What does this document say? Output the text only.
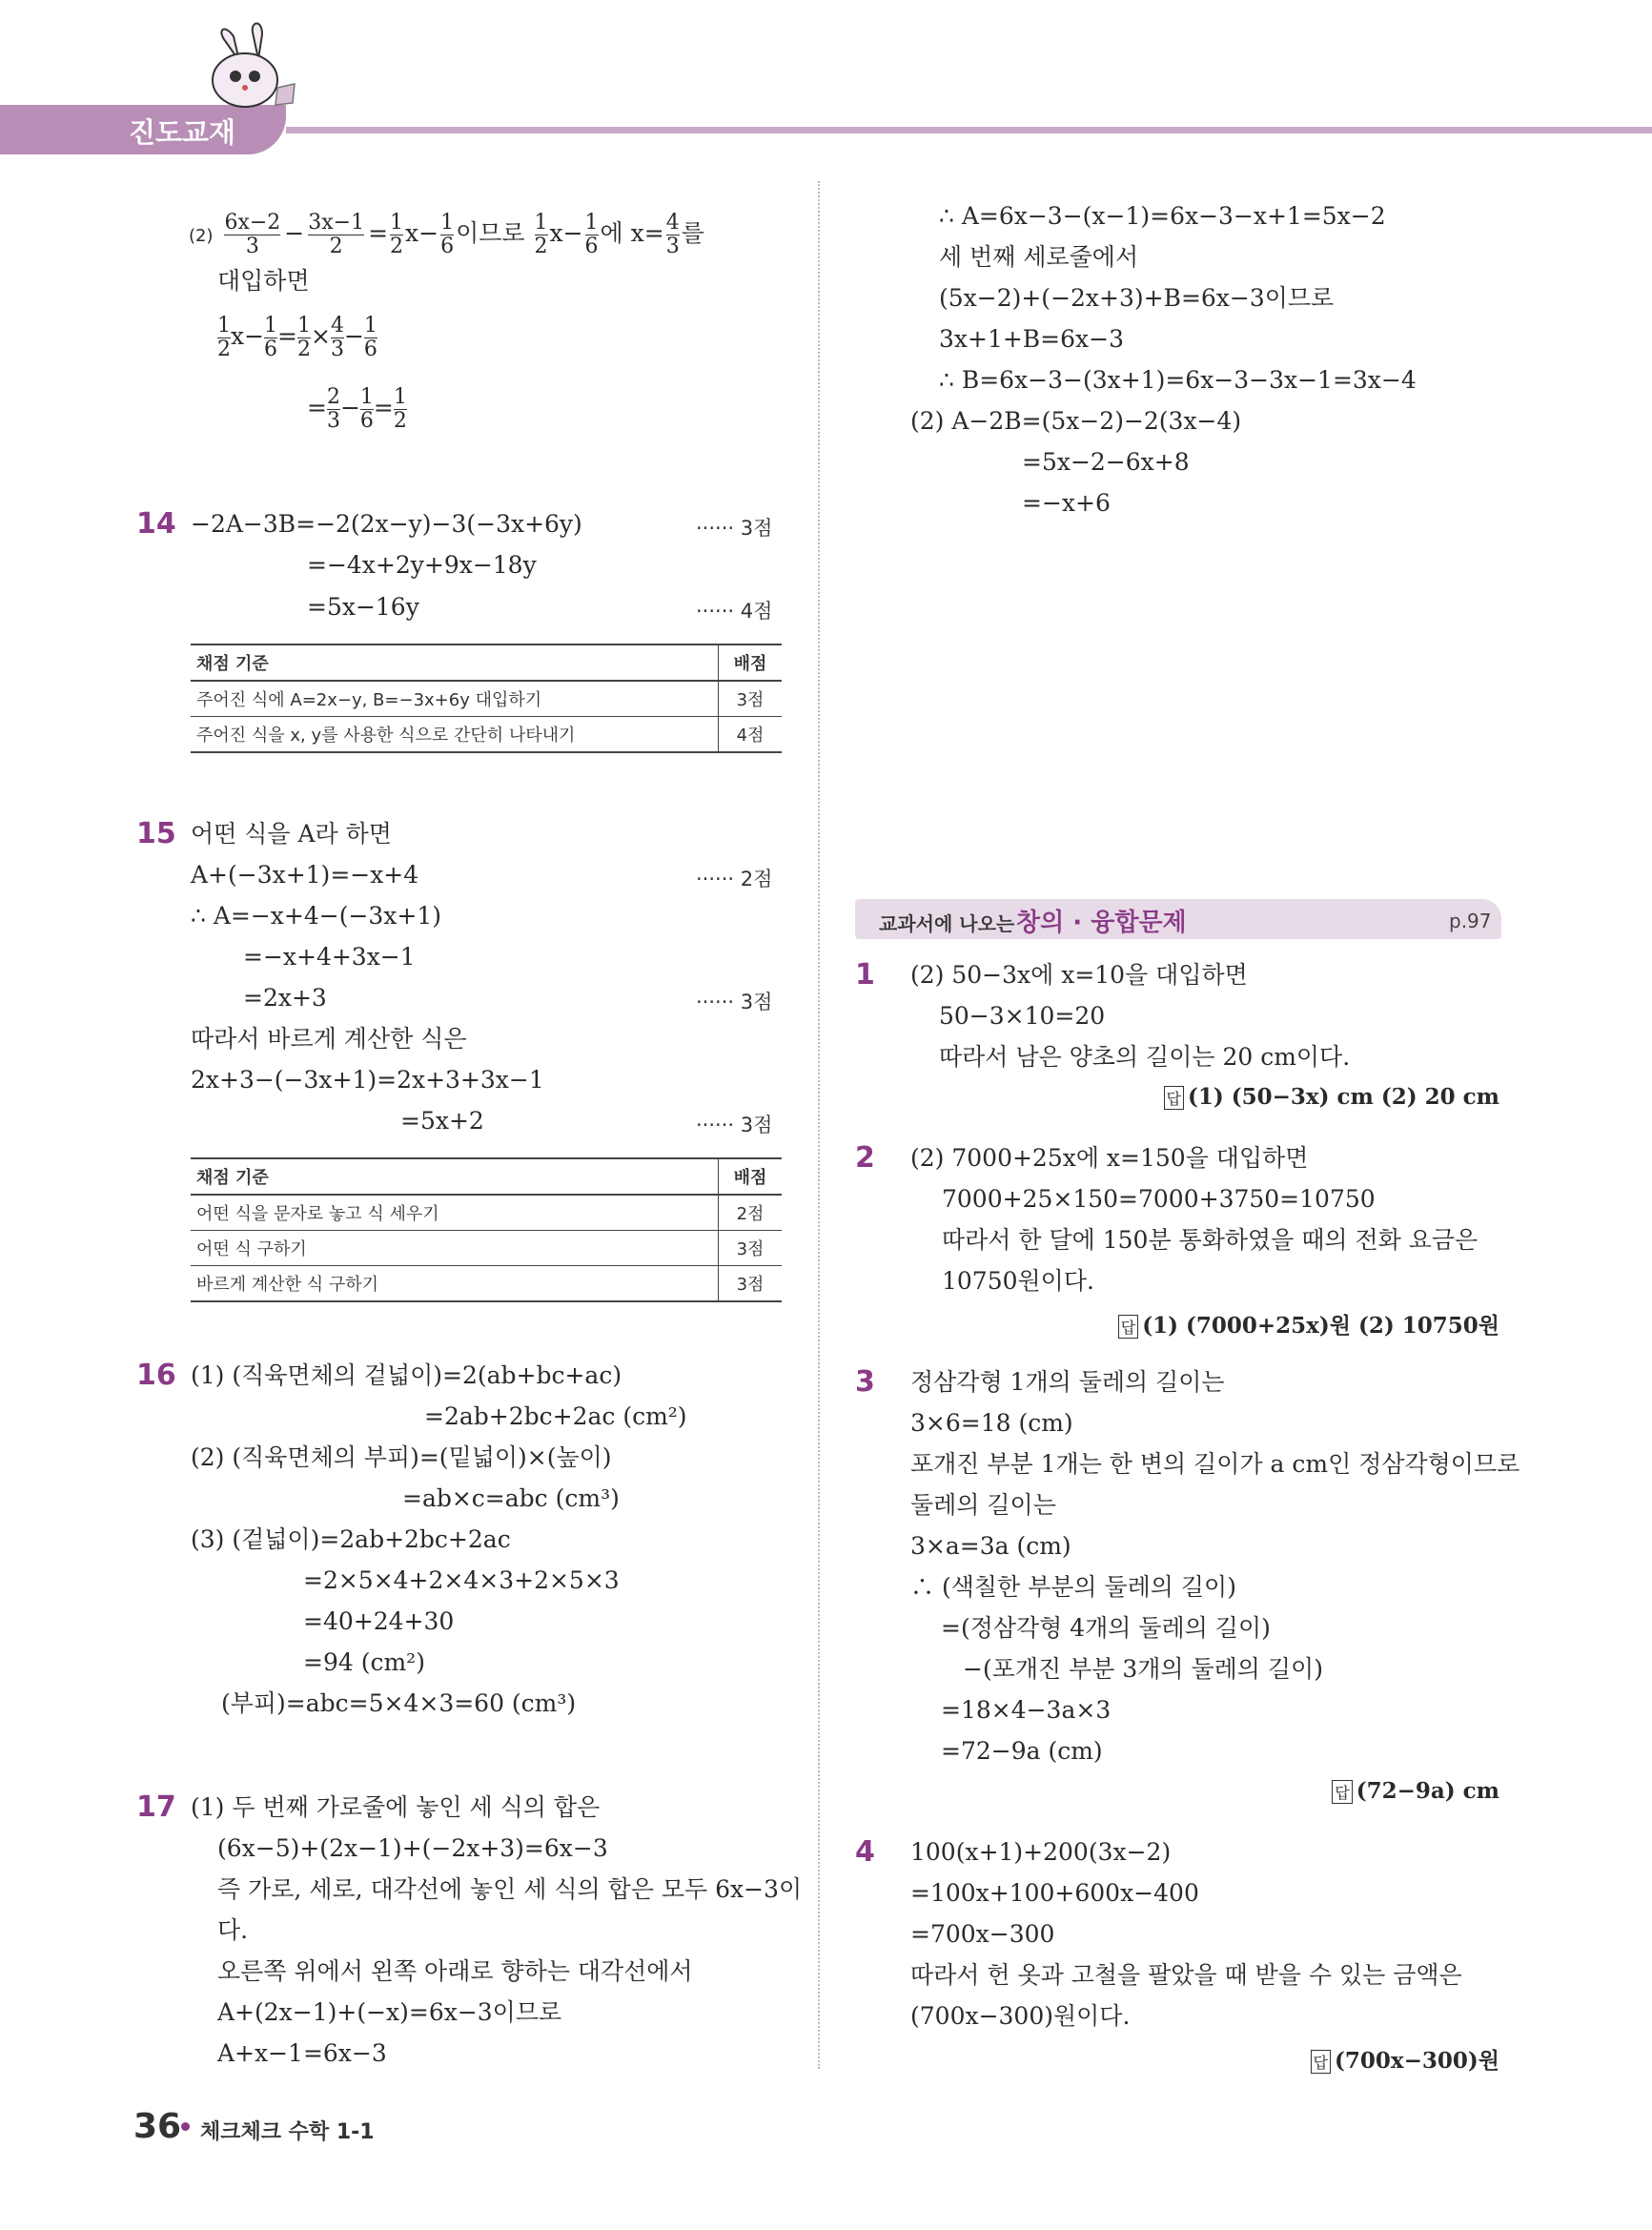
진도교재
$(2) \frac{6x-2}{3} - \frac{3x-1}{2} = \frac{1}{2} x- \frac{1}{6}$ 이므로 $\frac{1}{2} x- \frac{1}{6}$ 에 $x= \frac{4}{3}$ 를
대입하면
$\frac{1}{2} x- \frac{1}{6} = \frac{1}{2} \times \frac{4}{3} - \frac{1}{6}$
= $\frac{2}{3} - \frac{1}{6} = \frac{1}{2}$
14 −2A−3B=−2(2x−y)−3(−3x+6y)
=−4x+2y+9x−18y
=5x−16y
······ 3점
······ 4점
채점 기준	배점
주어진 식에 A=2x−y, B=−3x+6y 대입하기	3점
주어진 식을 x, y를 사용한 식으로 간단히 나타내기	4점
15 어떤 식을 A라 하면
A+(−3x+1)=−x+4
∴ A=−x+4−(−3x+1)
=−x+4+3x−1
=2x+3
따라서 바르게 계산한 식은
2x+3−(−3x+1)=2x+3+3x−1
=5x+2
······ 2점
······ 3점
······ 3점
채점 기준	배점
어떤 식을 문자로 놓고 식 세우기	2점
어떤 식 구하기	3점
바르게 계산한 식 구하기	3점
16 (1) (직육면체의 겉넓이)=2(ab+bc+ac)
=2ab+2bc+2ac (cm²)
(2) (직육면체의 부피)=(밑넓이)×(높이)
=ab×c=abc (cm³)
(3) (겉넓이)=2ab+2bc+2ac
=2×5×4+2×4×3+2×5×3
=40+24+30
=94 (cm²)
(부피)=abc=5×4×3=60 (cm³)
17 (1) 두 번째 가로줄에 놓인 세 식의 합은
(6x−5)+(2x−1)+(−2x+3)=6x−3
즉 가로, 세로, 대각선에 놓인 세 식의 합은 모두 6x−3이
다.
오른쪽 위에서 왼쪽 아래로 향하는 대각선에서
A+(2x−1)+(−x)=6x−3이므로
A+x−1=6x−3
∴ A=6x−3−(x−1)=6x−3−x+1=5x−2
세 번째 세로줄에서
(5x−2)+(−2x+3)+B=6x−3이므로
3x+1+B=6x−3
∴ B=6x−3−(3x+1)=6x−3−3x−1=3x−4
(2) A−2B=(5x−2)−2(3x−4)
=5x−2−6x+8
=−x+6
교과서에 나오는 창의 · 융합문제	p.97
1 (2) 50−3x에 x=10을 대입하면
50−3×10=20
따라서 남은 양초의 길이는 20 cm이다.
답 (1) (50−3x) cm (2) 20 cm
2 (2) 7000+25x에 x=150을 대입하면
7000+25×150=7000+3750=10750
따라서 한 달에 150분 통화하였을 때의 전화 요금은
10750원이다.
답 (1) (7000+25x)원 (2) 10750원
3 정삼각형 1개의 둘레의 길이는
3×6=18 (cm)
포개진 부분 1개는 한 변의 길이가 a cm인 정삼각형이므로
둘레의 길이는
3×a=3a (cm)
∴ (색칠한 부분의 둘레의 길이)
=(정삼각형 4개의 둘레의 길이)
−(포개진 부분 3개의 둘레의 길이)
=18×4−3a×3
=72−9a (cm)
답 (72−9a) cm
4 100(x+1)+200(3x−2)
=100x+100+600x−400
=700x−300
따라서 헌 옷과 고철을 팔았을 때 받을 수 있는 금액은
(700x−300)원이다.
답 (700x−300)원
36 체크체크 수학 1-1
